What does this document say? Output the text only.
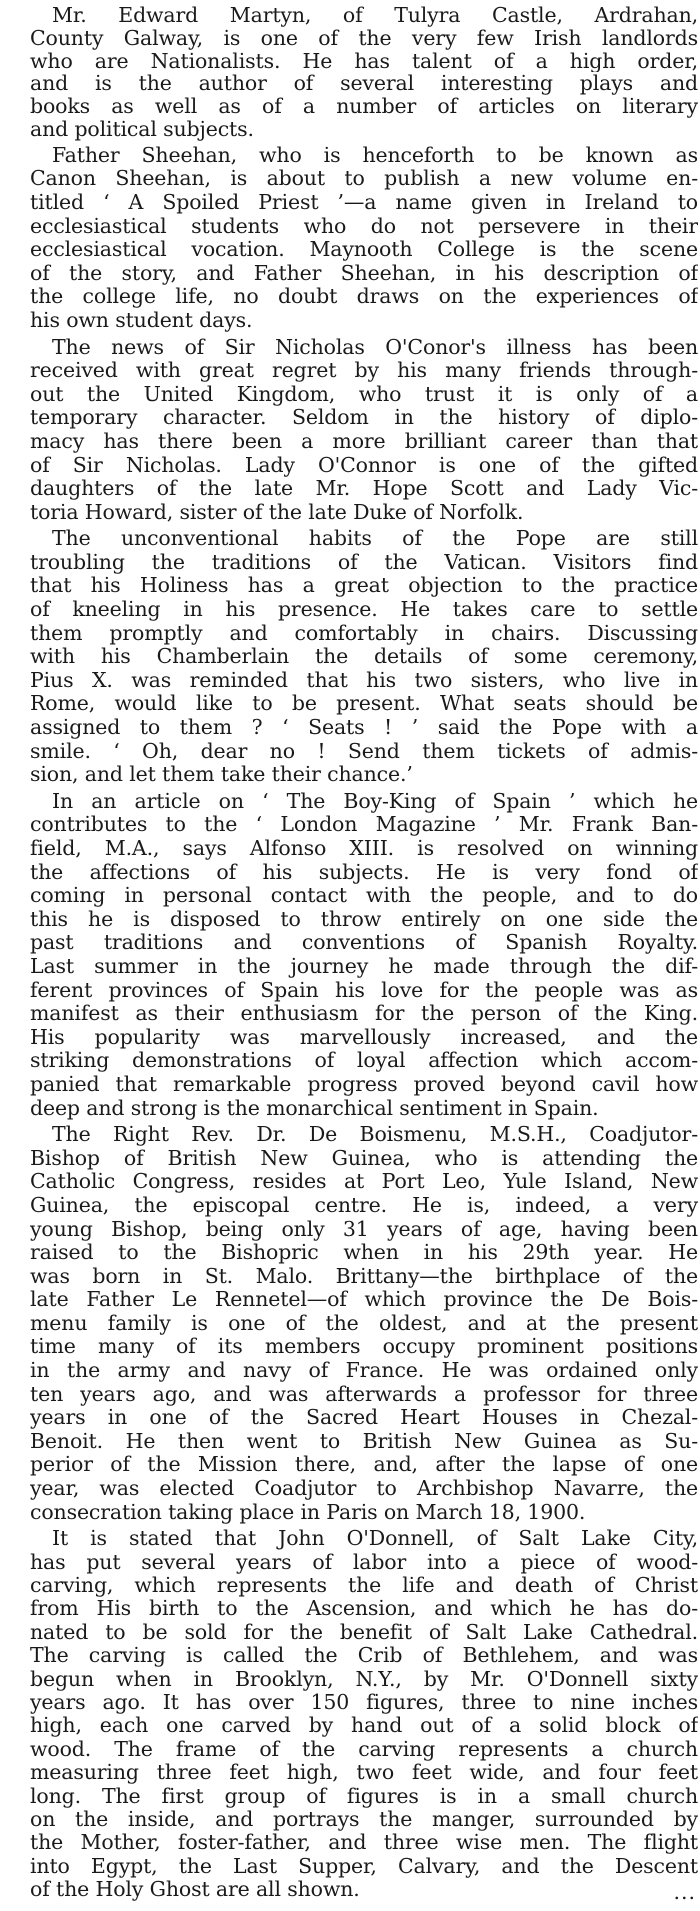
Mr. Edward Martyn, of Tulyra Castle, Ardrahan,
County Galway, is one of the very few Irish landlords
who are Nationalists. He has talent of a high order,
and is the author of several interesting plays and
books as well as of a number of articles on literary
and political subjects.
Father Sheehan, who is henceforth to be known as
Canon Sheehan, is about to publish a new volume en-
titled ‘ A Spoiled Priest ’—a name given in Ireland to
ecclesiastical students who do not persevere in their
ecclesiastical vocation. Maynooth College is the scene
of the story, and Father Sheehan, in his description of
the college life, no doubt draws on the experiences of
his own student days.
The news of Sir Nicholas O'Conor's illness has been
received with great regret by his many friends through-
out the United Kingdom, who trust it is only of a
temporary character. Seldom in the history of diplo-
macy has there been a more brilliant career than that
of Sir Nicholas. Lady O'Connor is one of the gifted
daughters of the late Mr. Hope Scott and Lady Vic-
toria Howard, sister of the late Duke of Norfolk.
The unconventional habits of the Pope are still
troubling the traditions of the Vatican. Visitors find
that his Holiness has a great objection to the practice
of kneeling in his presence. He takes care to settle
them promptly and comfortably in chairs. Discussing
with his Chamberlain the details of some ceremony,
Pius X. was reminded that his two sisters, who live in
Rome, would like to be present. What seats should be
assigned to them ? ‘ Seats ! ’ said the Pope with a
smile. ‘ Oh, dear no ! Send them tickets of admis-
sion, and let them take their chance.’
In an article on ‘ The Boy-King of Spain ’ which he
contributes to the ‘ London Magazine ’ Mr. Frank Ban-
field, M.A., says Alfonso XIII. is resolved on winning
the affections of his subjects. He is very fond of
coming in personal contact with the people, and to do
this he is disposed to throw entirely on one side the
past traditions and conventions of Spanish Royalty.
Last summer in the journey he made through the dif-
ferent provinces of Spain his love for the people was as
manifest as their enthusiasm for the person of the King.
His popularity was marvellously increased, and the
striking demonstrations of loyal affection which accom-
panied that remarkable progress proved beyond cavil how
deep and strong is the monarchical sentiment in Spain.
The Right Rev. Dr. De Boismenu, M.S.H., Coadjutor-
Bishop of British New Guinea, who is attending the
Catholic Congress, resides at Port Leo, Yule Island, New
Guinea, the episcopal centre. He is, indeed, a very
young Bishop, being only 31 years of age, having been
raised to the Bishopric when in his 29th year. He
was born in St. Malo. Brittany—the birthplace of the
late Father Le Rennetel—of which province the De Bois-
menu family is one of the oldest, and at the present
time many of its members occupy prominent positions
in the army and navy of France. He was ordained only
ten years ago, and was afterwards a professor for three
years in one of the Sacred Heart Houses in Chezal-
Benoit. He then went to British New Guinea as Su-
perior of the Mission there, and, after the lapse of one
year, was elected Coadjutor to Archbishop Navarre, the
consecration taking place in Paris on March 18, 1900.
It is stated that John O'Donnell, of Salt Lake City,
has put several years of labor into a piece of wood-
carving, which represents the life and death of Christ
from His birth to the Ascension, and which he has do-
nated to be sold for the benefit of Salt Lake Cathedral.
The carving is called the Crib of Bethlehem, and was
begun when in Brooklyn, N.Y., by Mr. O'Donnell sixty
years ago. It has over 150 figures, three to nine inches
high, each one carved by hand out of a solid block of
wood. The frame of the carving represents a church
measuring three feet high, two feet wide, and four feet
long. The first group of figures is in a small church
on the inside, and portrays the manger, surrounded by
the Mother, foster-father, and three wise men. The flight
into Egypt, the Last Supper, Calvary, and the Descent
of the Holy Ghost are all shown.	...
